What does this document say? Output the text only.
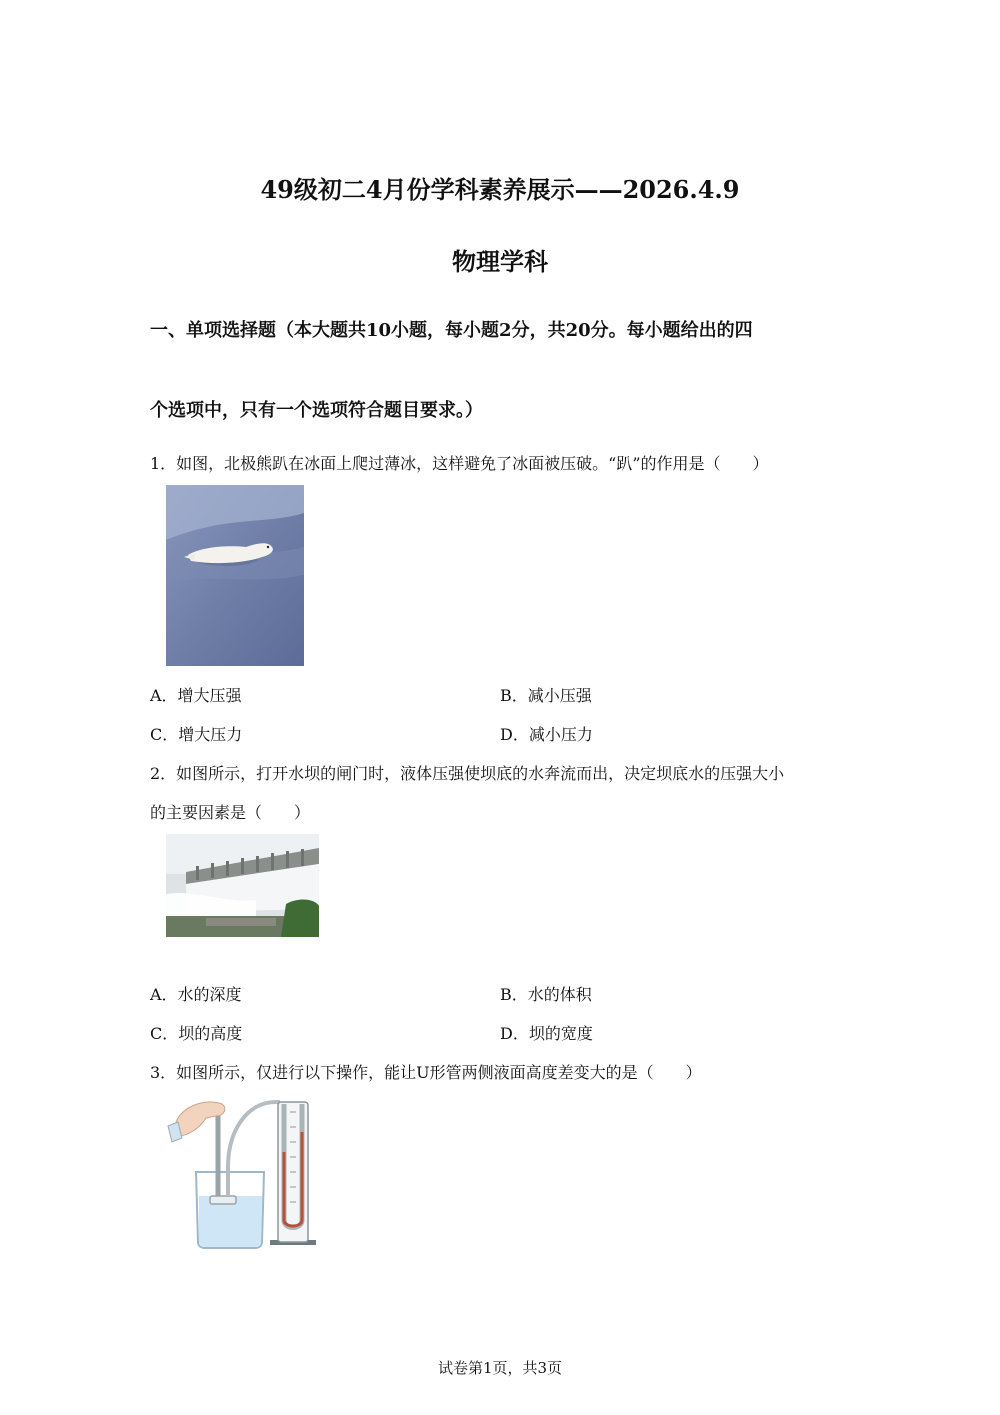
49级初二4月份学科素养展示——2026.4.9
物理学科
一、单项选择题（本大题共10小题，每小题2分，共20分。每小题给出的四
个选项中，只有一个选项符合题目要求。）
1．如图，北极熊趴在冰面上爬过薄冰，这样避免了冰面被压破。“趴”的作用是（　　）
A．增大压强	B．减小压强
C．增大压力	D．减小压力
2．如图所示，打开水坝的闸门时，液体压强使坝底的水奔流而出，决定坝底水的压强大小
的主要因素是（　　）
A．水的深度	B．水的体积
C．坝的高度	D．坝的宽度
3．如图所示，仅进行以下操作，能让U形管两侧液面高度差变大的是（　　）
试卷第1页，共3页
